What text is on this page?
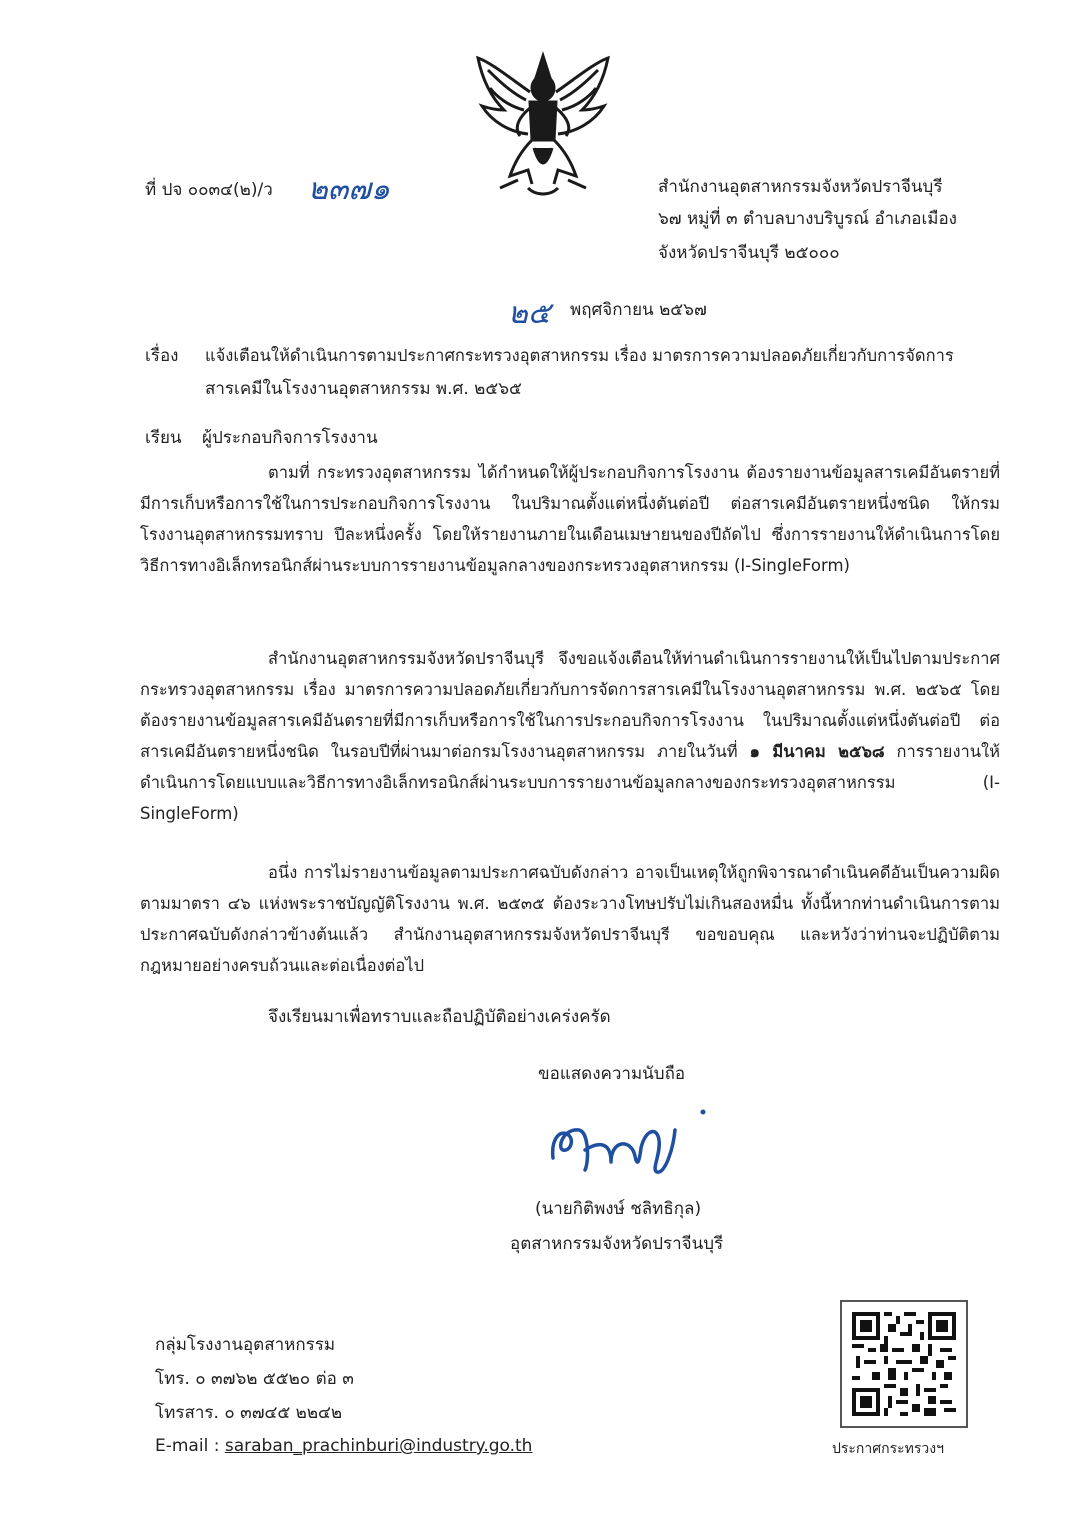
ที่ ปจ ๐๐๓๔(๒)/ว ๒๓๗๑	สำนักงานอุตสาหกรรมจังหวัดปราจีนบุรี
๖๗ หมู่ที่ ๓ ตำบลบางบริบูรณ์ อำเภอเมือง
จังหวัดปราจีนบุรี ๒๕๐๐๐
๒๕ พฤศจิกายน ๒๕๖๗
เรื่อง แจ้งเตือนให้ดำเนินการตามประกาศกระทรวงอุตสาหกรรม เรื่อง มาตรการความปลอดภัยเกี่ยวกับการจัดการ
สารเคมีในโรงงานอุตสาหกรรม พ.ศ. ๒๕๖๕
เรียน ผู้ประกอบกิจการโรงงาน
ตามที่ กระทรวงอุตสาหกรรม ได้กำหนดให้ผู้ประกอบกิจการโรงงาน ต้องรายงานข้อมูลสารเคมีอันตรายที่มีการเก็บหรือการใช้ในการประกอบกิจการโรงงาน ในปริมาณตั้งแต่หนึ่งตันต่อปี ต่อสารเคมีอันตรายหนึ่งชนิด ให้กรมโรงงานอุตสาหกรรมทราบ ปีละหนึ่งครั้ง โดยให้รายงานภายในเดือนเมษายนของปีถัดไป ซึ่งการรายงานให้ดำเนินการโดยวิธีการทางอิเล็กทรอนิกส์ผ่านระบบการรายงานข้อมูลกลางของกระทรวงอุตสาหกรรม (I-SingleForm)
สำนักงานอุตสาหกรรมจังหวัดปราจีนบุรี จึงขอแจ้งเตือนให้ท่านดำเนินการรายงานให้เป็นไปตามประกาศกระทรวงอุตสาหกรรม เรื่อง มาตรการความปลอดภัยเกี่ยวกับการจัดการสารเคมีในโรงงานอุตสาหกรรม พ.ศ. ๒๕๖๕ โดยต้องรายงานข้อมูลสารเคมีอันตรายที่มีการเก็บหรือการใช้ในการประกอบกิจการโรงงาน ในปริมาณตั้งแต่หนึ่งตันต่อปี ต่อสารเคมีอันตรายหนึ่งชนิด ในรอบปีที่ผ่านมาต่อกรมโรงงานอุตสาหกรรม ภายในวันที่ ๑ มีนาคม ๒๕๖๘ การรายงานให้ดำเนินการโดยแบบและวิธีการทางอิเล็กทรอนิกส์ผ่านระบบการรายงานข้อมูลกลางของกระทรวงอุตสาหกรรม (I-SingleForm)
อนึ่ง การไม่รายงานข้อมูลตามประกาศฉบับดังกล่าว อาจเป็นเหตุให้ถูกพิจารณาดำเนินคดีอันเป็นความผิดตามมาตรา ๔๖ แห่งพระราชบัญญัติโรงงาน พ.ศ. ๒๕๓๕ ต้องระวางโทษปรับไม่เกินสองหมื่น ทั้งนี้หากท่านดำเนินการตามประกาศฉบับดังกล่าวข้างต้นแล้ว สำนักงานอุตสาหกรรมจังหวัดปราจีนบุรี ขอขอบคุณ และหวังว่าท่านจะปฏิบัติตามกฎหมายอย่างครบถ้วนและต่อเนื่องต่อไป
จึงเรียนมาเพื่อทราบและถือปฏิบัติอย่างเคร่งครัด
ขอแสดงความนับถือ
(นายกิติพงษ์ ชลิทธิกุล)
อุตสาหกรรมจังหวัดปราจีนบุรี
กลุ่มโรงงานอุตสาหกรรม
โทร. ๐ ๓๗๖๒ ๕๕๒๐ ต่อ ๓
โทรสาร. ๐ ๓๗๔๕ ๒๒๔๒
E-mail : saraban_prachinburi@industry.go.th	ประกาศกระทรวงฯ
